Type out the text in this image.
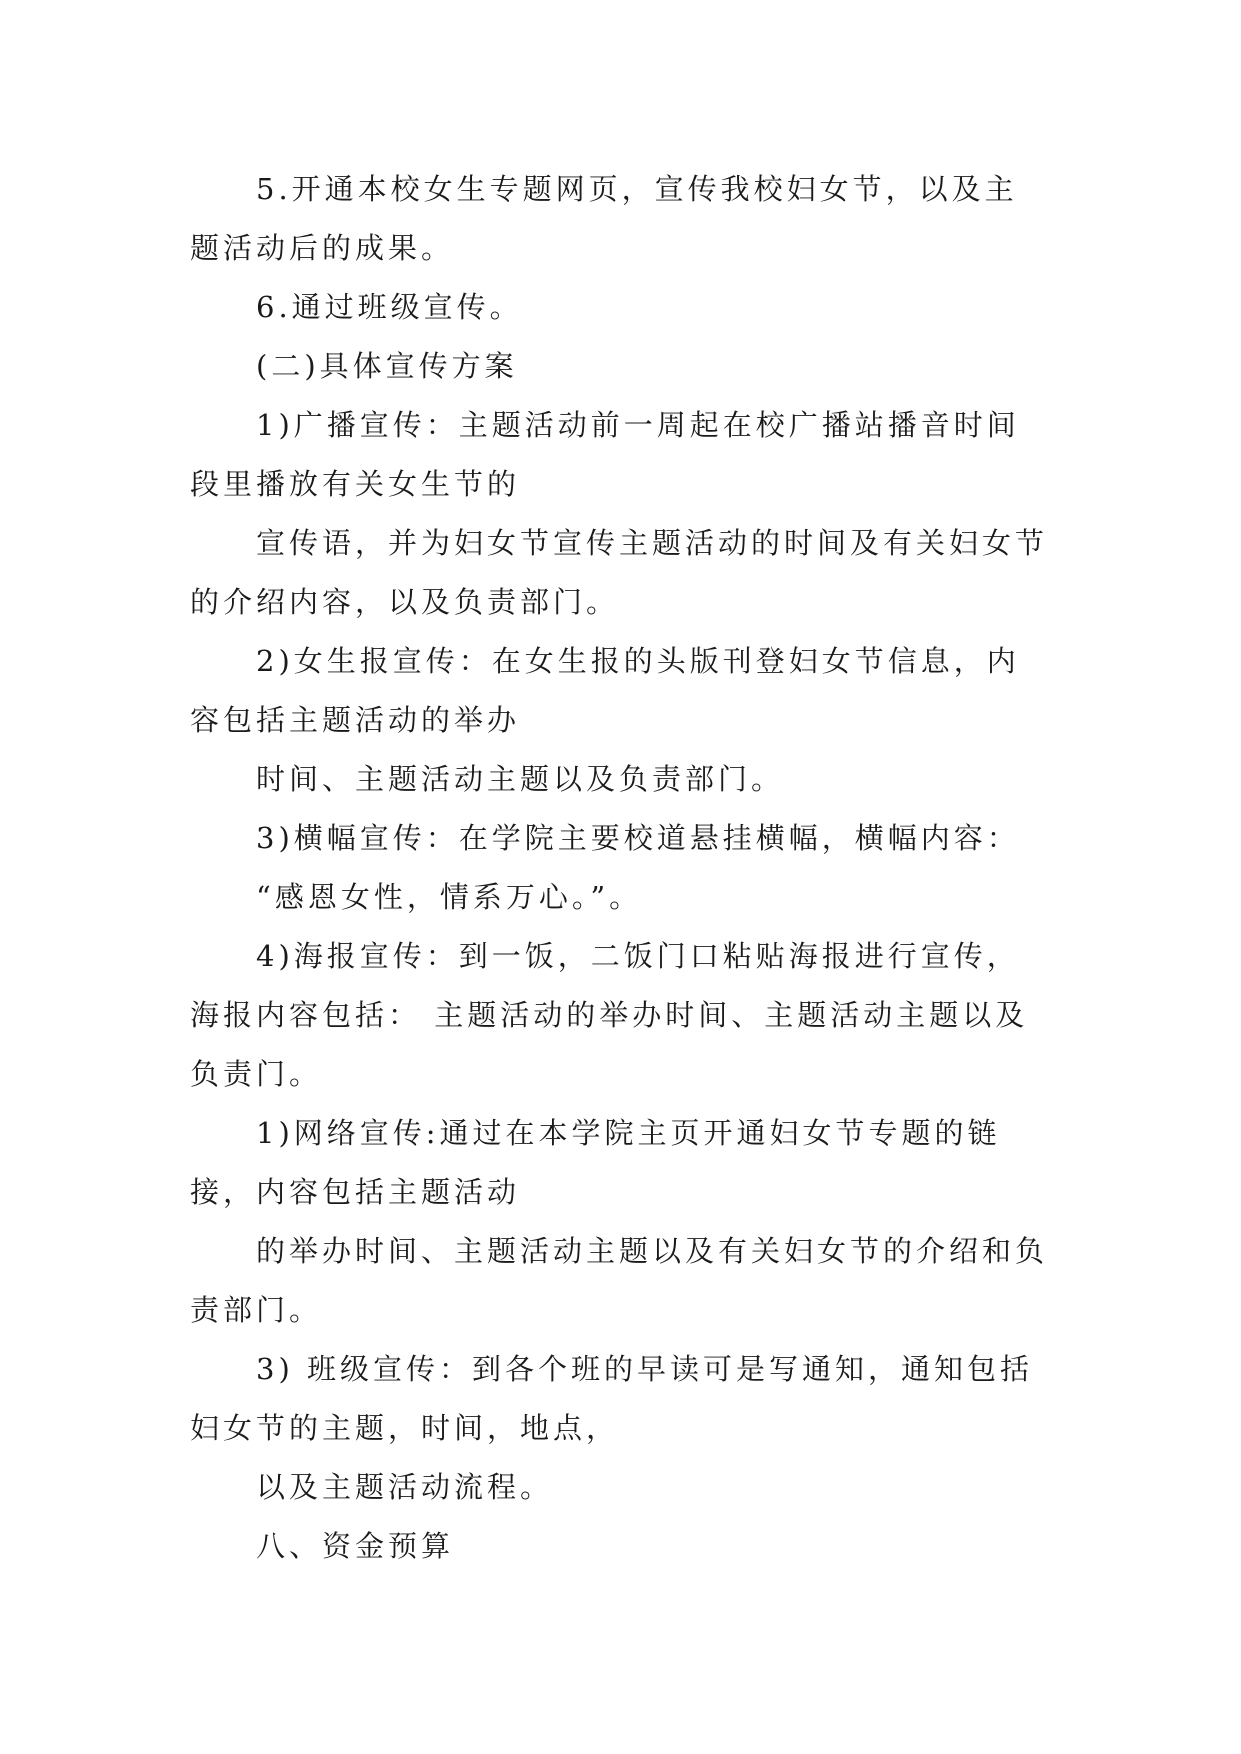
5.开通本校女生专题网页，宣传我校妇女节，以及主题活动后的成果。

6.通过班级宣传。

(二)具体宣传方案

1)广播宣传：主题活动前一周起在校广播站播音时间段里播放有关女生节的

宣传语，并为妇女节宣传主题活动的时间及有关妇女节的介绍内容，以及负责部门。

2)女生报宣传：在女生报的头版刊登妇女节信息，内容包括主题活动的举办

时间、主题活动主题以及负责部门。

3)横幅宣传：在学院主要校道悬挂横幅，横幅内容：

“感恩女性，情系万心。”。

4)海报宣传：到一饭，二饭门口粘贴海报进行宣传，海报内容包括： 主题活动的举办时间、主题活动主题以及负责门。

1)网络宣传:通过在本学院主页开通妇女节专题的链接，内容包括主题活动

的举办时间、主题活动主题以及有关妇女节的介绍和负责部门。

3) 班级宣传：到各个班的早读可是写通知，通知包括妇女节的主题，时间，地点，

以及主题活动流程。

八、资金预算
